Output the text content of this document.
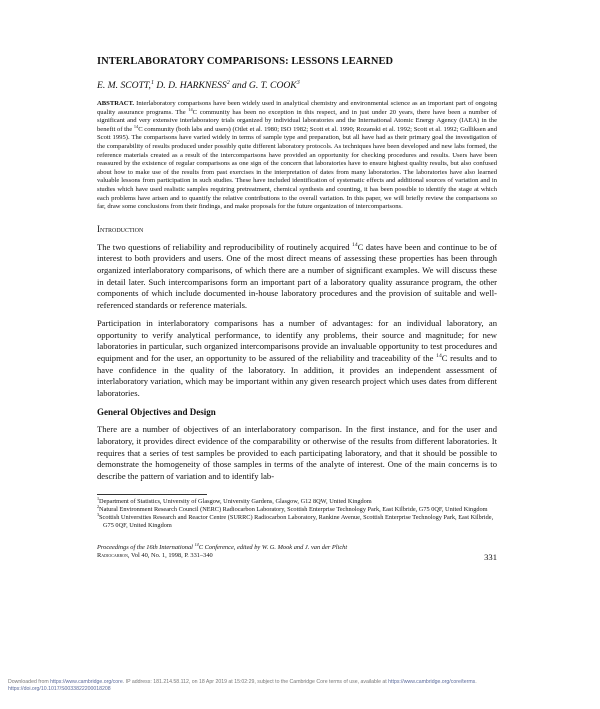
INTERLABORATORY COMPARISONS: LESSONS LEARNED
E. M. SCOTT,$^1$ D. D. HARKNESS$^2$ and G. T. COOK$^3$
ABSTRACT. Interlaboratory comparisons have been widely used in analytical chemistry and environmental science as an important part of ongoing quality assurance programs. The $^{14}$C community has been no exception in this respect, and in just under 20 years, there have been a number of significant and very extensive interlaboratory trials organized by individual laboratories and the International Atomic Energy Agency (IAEA) in the benefit of the $^{14}$C community (both labs and users) (Otlet et al. 1980; ISO 1982; Scott et al. 1990; Rozanski et al. 1992; Scott et al. 1992; Gulliksen and Scott 1995). The comparisons have varied widely in terms of sample type and preparation, but all have had as their primary goal the investigation of the comparability of results produced under possibly quite different laboratory protocols. As techniques have been developed and new labs formed, the reference materials created as a result of the intercomparisons have provided an opportunity for checking procedures and results. Users have been reassured by the existence of regular comparisons as one sign of the concern that laboratories have to ensure highest quality results, but also confused about how to make use of the results from past exercises in the interpretation of dates from many laboratories. The laboratories have also learned valuable lessons from participation in such studies. These have included identification of systematic effects and additional sources of variation and in studies which have used realistic samples requiring pretreatment, chemical synthesis and counting, it has been possible to identify the stage at which each problems have arisen and to quantify the relative contributions to the overall variation. In this paper, we will briefly review the comparisons so far, draw some conclusions from their findings, and make proposals for the future organization of intercomparisons.
Introduction

The two questions of reliability and reproducibility of routinely acquired $^{14}$C dates have been and continue to be of interest to both providers and users. One of the most direct means of assessing these properties has been through organized interlaboratory comparisons, of which there are a number of significant examples. We will discuss these in detail later. Such intercomparisons form an important part of a laboratory quality assurance program, the other components of which include documented in-house laboratory procedures and the provision of suitable and well-referenced standards or reference materials.

Participation in interlaboratory comparisons has a number of advantages: for an individual laboratory, an opportunity to verify analytical performance, to identify any problems, their source and magnitude; for new laboratories in particular, such organized intercomparisons provide an invaluable opportunity to test procedures and equipment and for the user, an opportunity to be assured of the reliability and traceability of the $^{14}$C results and to have confidence in the quality of the laboratory. In addition, it provides an independent assessment of interlaboratory variation, which may be important within any given research project which uses dates from different laboratories.

General Objectives and Design

There are a number of objectives of an interlaboratory comparison. In the first instance, and for the user and laboratory, it provides direct evidence of the comparability or otherwise of the results from different laboratories. It requires that a series of test samples be provided to each participating laboratory, and that it should be possible to demonstrate the homogeneity of those samples in terms of the analyte of interest. One of the main concerns is to describe the pattern of variation and to identify lab-

$^1$Department of Statistics, University of Glasgow, University Gardens, Glasgow, G12 8QW, United Kingdom
$^2$Natural Environment Research Council (NERC) Radiocarbon Laboratory, Scottish Enterprise Technology Park, East Kilbride, G75 0QF, United Kingdom
$^3$Scottish Universities Research and Reactor Centre (SURRC) Radiocarbon Laboratory, Rankine Avenue, Scottish Enterprise Technology Park, East Kilbride, G75 0QF, United Kingdom
Proceedings of the 16th International $^{14}$C Conference, edited by W. G. Mook and J. van der Plicht
Radiocarbon, Vol 40, No. 1, 1998, P. 331–340	331
Downloaded from https://www.cambridge.org/core. IP address: 181.214.58.112, on 18 Apr 2019 at 15:02:29, subject to the Cambridge Core terms of use, available at https://www.cambridge.org/core/terms.
https://doi.org/10.1017/S0033822200018208
